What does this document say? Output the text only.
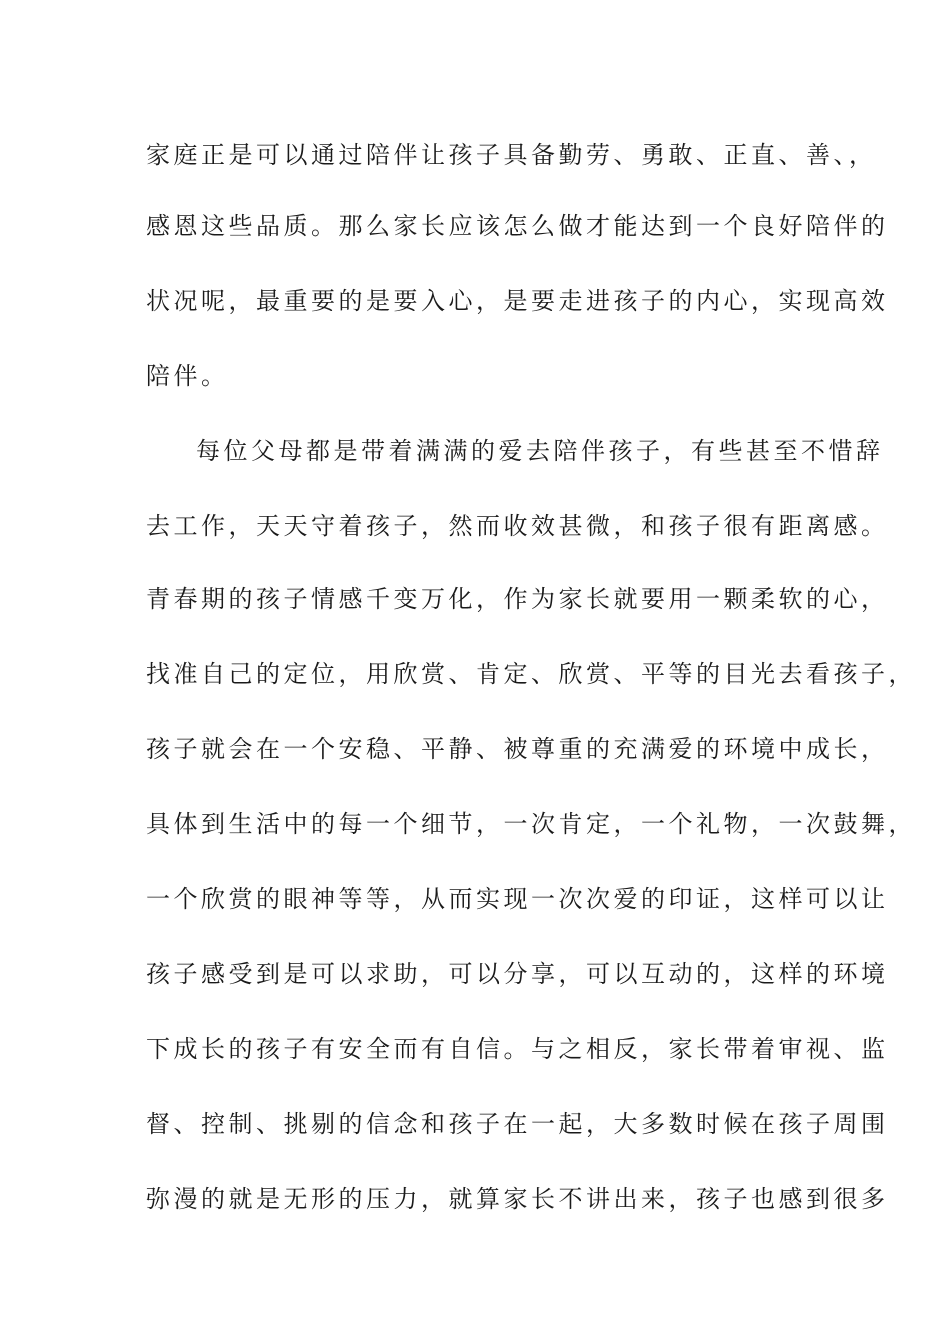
家庭正是可以通过陪伴让孩子具备勤劳、勇敢、正直、善、，
感恩这些品质。那么家长应该怎么做才能达到一个良好陪伴的
状况呢，最重要的是要入心，是要走进孩子的内心，实现高效
陪伴。
每位父母都是带着满满的爱去陪伴孩子，有些甚至不惜辞
去工作，天天守着孩子，然而收效甚微，和孩子很有距离感。
青春期的孩子情感千变万化，作为家长就要用一颗柔软的心，
找准自己的定位，用欣赏、肯定、欣赏、平等的目光去看孩子，
孩子就会在一个安稳、平静、被尊重的充满爱的环境中成长，
具体到生活中的每一个细节，一次肯定，一个礼物，一次鼓舞，
一个欣赏的眼神等等，从而实现一次次爱的印证，这样可以让
孩子感受到是可以求助，可以分享，可以互动的，这样的环境
下成长的孩子有安全而有自信。与之相反，家长带着审视、监
督、控制、挑剔的信念和孩子在一起，大多数时候在孩子周围
弥漫的就是无形的压力，就算家长不讲出来，孩子也感到很多
